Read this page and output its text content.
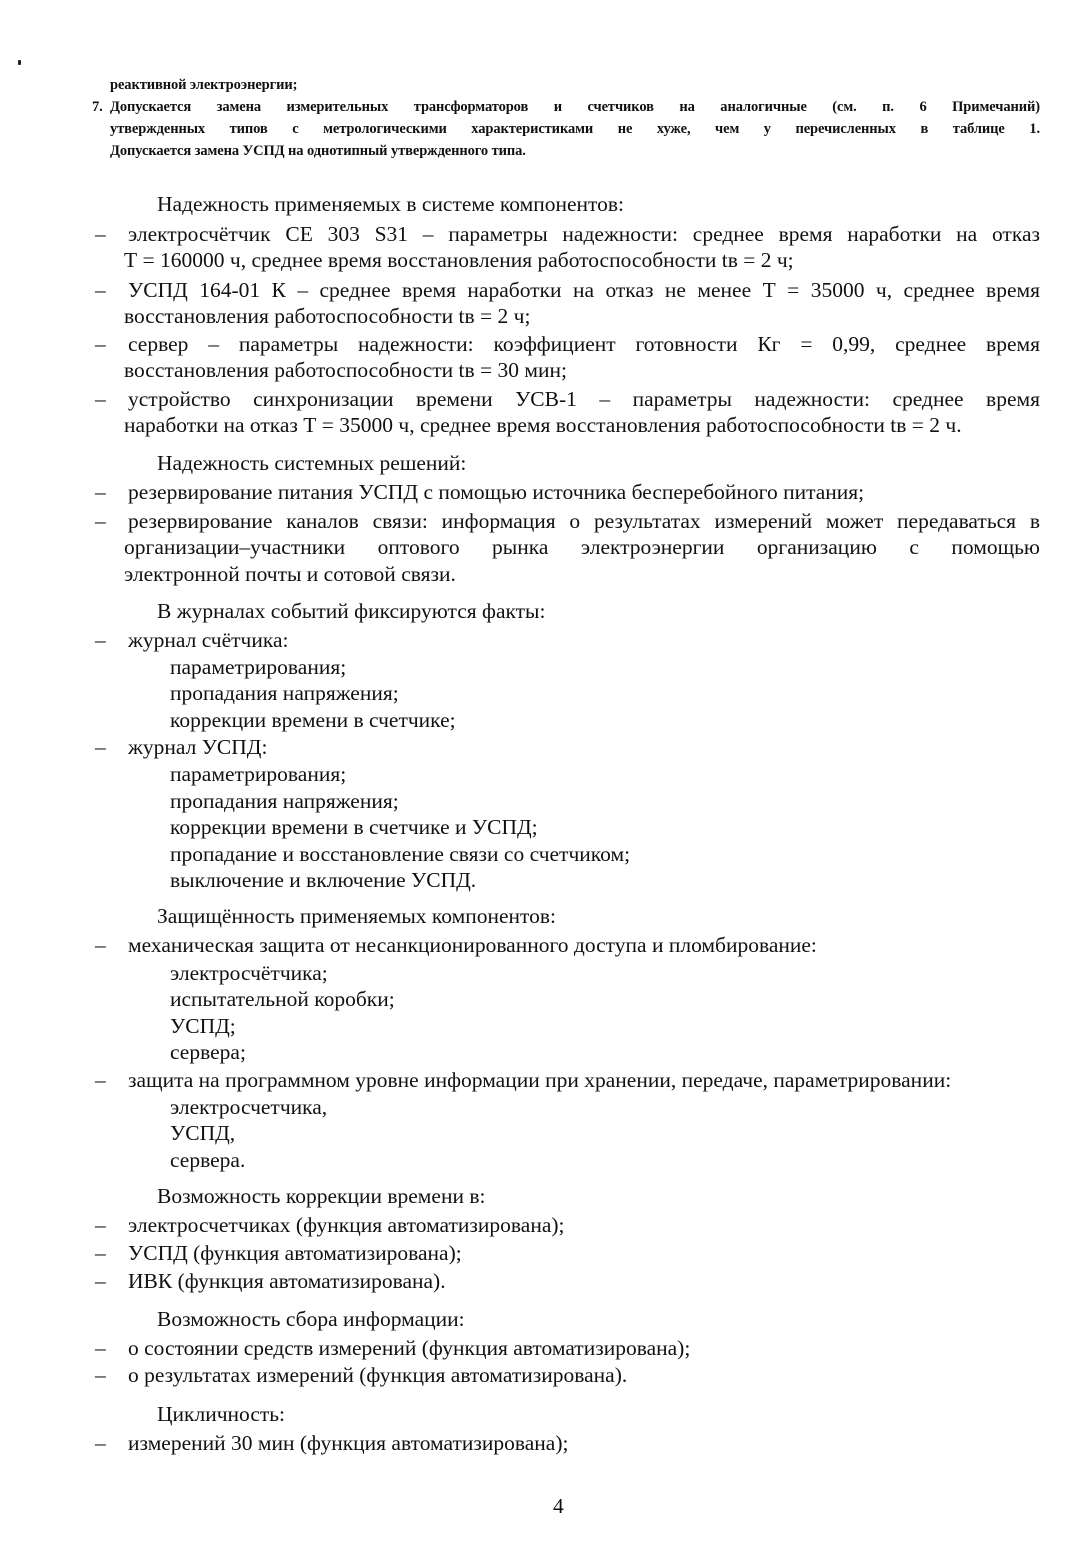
реактивной электроэнергии;
7. Допускается замена измерительных трансформаторов и счетчиков на аналогичные (см. п. 6 Примечаний)
утвержденных типов с метрологическими характеристиками не хуже, чем у перечисленных в таблице 1.
Допускается замена УСПД на однотипный утвержденного типа.
Надежность применяемых в системе компонентов:
– электросчётчик СЕ 303 S31 – параметры надежности: среднее время наработки на отказ
Т = 160000 ч, среднее время восстановления работоспособности tв = 2 ч;
– УСПД 164-01 К – среднее время наработки на отказ не менее Т = 35000 ч, среднее время
восстановления работоспособности tв = 2 ч;
– сервер – параметры надежности: коэффициент готовности Кг = 0,99, среднее время
восстановления работоспособности tв = 30 мин;
– устройство синхронизации времени УСВ-1 – параметры надежности: среднее время
наработки на отказ Т = 35000 ч, среднее время восстановления работоспособности tв = 2 ч.
Надежность системных решений:
– резервирование питания УСПД с помощью источника бесперебойного питания;
– резервирование каналов связи: информация о результатах измерений может передаваться в
организации–участники оптового рынка электроэнергии организацию с помощью
электронной почты и сотовой связи.
В журналах событий фиксируются факты:
– журнал счётчика:
параметрирования;
пропадания напряжения;
коррекции времени в счетчике;
– журнал УСПД:
параметрирования;
пропадания напряжения;
коррекции времени в счетчике и УСПД;
пропадание и восстановление связи со счетчиком;
выключение и включение УСПД.
Защищённость применяемых компонентов:
– механическая защита от несанкционированного доступа и пломбирование:
электросчётчика;
испытательной коробки;
УСПД;
сервера;
– защита на программном уровне информации при хранении, передаче, параметрировании:
электросчетчика,
УСПД,
сервера.
Возможность коррекции времени в:
– электросчетчиках (функция автоматизирована);
– УСПД (функция автоматизирована);
– ИВК (функция автоматизирована).
Возможность сбора информации:
– о состоянии средств измерений (функция автоматизирована);
– о результатах измерений (функция автоматизирована).
Цикличность:
– измерений 30 мин (функция автоматизирована);
4
